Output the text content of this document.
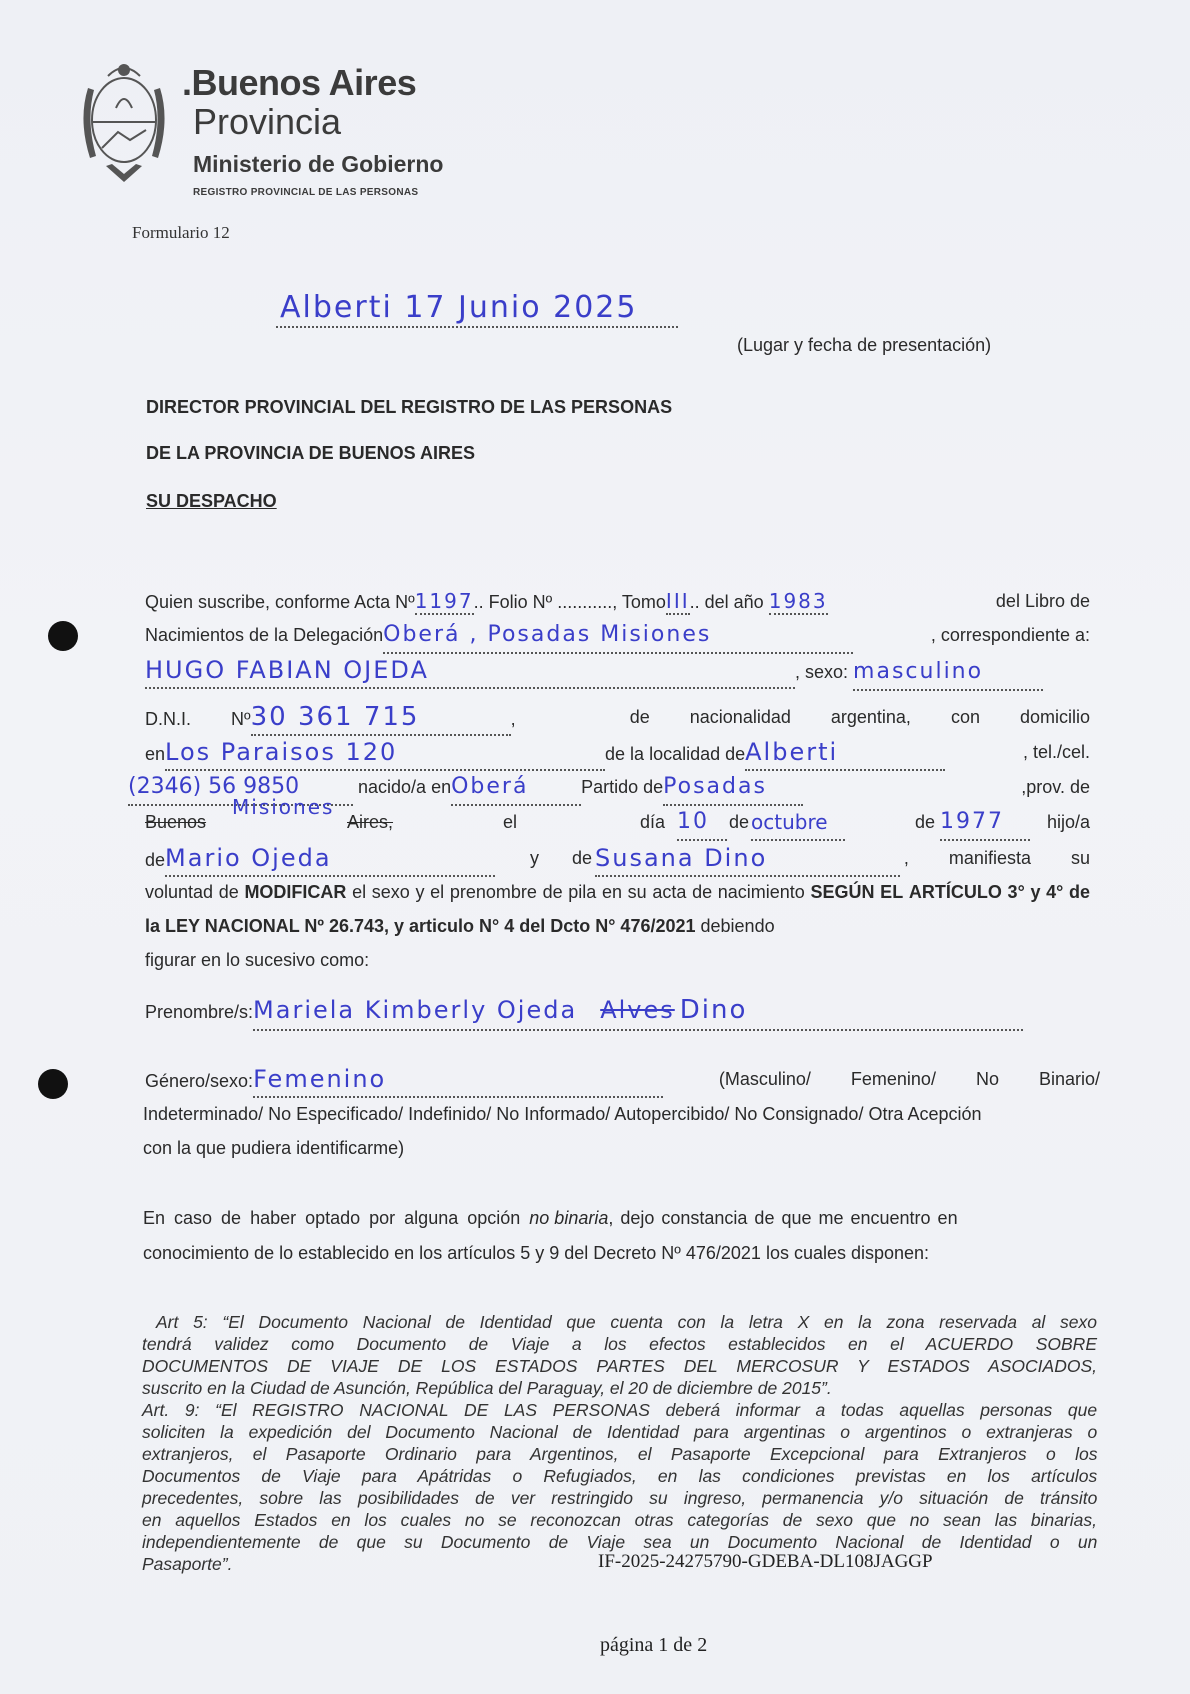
.Buenos Aires
Provincia
Ministerio de Gobierno
REGISTRO PROVINCIAL DE LAS PERSONAS
Formulario 12
Alberti 17 Junio 2025
(Lugar y fecha de presentación)
DIRECTOR PROVINCIAL DEL REGISTRO DE LAS PERSONAS
DE LA PROVINCIA DE BUENOS AIRES
SU DESPACHO
Quien suscribe, conforme Acta Nº1197.. Folio Nº ..........., TomoIII.. del año 1983	del Libro de
Nacimientos de la DelegaciónOberá , Posadas Misiones	, correspondiente a:
HUGO FABIAN OJEDA	, sexo: masculino
D.N.I.        Nº30 361 715	,	de        nacionalidad        argentina,        con        domicilio
enLos Paraisos 120	de la localidad deAlberti	, tel./cel.
(2346) 56 9850	nacido/a enOberá	Partido dePosadas	,prov. de
Misiones
Buenos	Aires,	el	día 10	de octubre	de 1977	hijo/a
deMario Ojeda	y de Susana Dino	,        manifiesta        su
voluntad de MODIFICAR el sexo y el prenombre de pila en su acta de nacimiento SEGÚN EL ARTÍCULO 3° y 4° de la LEY NACIONAL Nº 26.743, y articulo N° 4 del Dcto N° 476/2021 debiendo
figurar en lo sucesivo como:
Prenombre/s:Mariela Kimberly Ojeda Alves Dino
Género/sexo:Femenino	(Masculino/        Femenino/        No        Binario/
Indeterminado/ No Especificado/ Indefinido/ No Informado/ Autopercibido/ No Consignado/ Otra Acepción
con la que pudiera identificarme)
En caso de haber optado por alguna opción no binaria, dejo constancia de que me encuentro en
conocimiento de lo establecido en los artículos 5 y 9 del Decreto Nº 476/2021 los cuales disponen:
Art 5: “El Documento Nacional de Identidad que cuenta con la letra X en la zona reservada al sexo
tendrá validez como Documento de Viaje a los efectos establecidos en el ACUERDO SOBRE
DOCUMENTOS DE VIAJE DE LOS ESTADOS PARTES DEL MERCOSUR Y ESTADOS ASOCIADOS,
suscrito en la Ciudad de Asunción, República del Paraguay, el 20 de diciembre de 2015”.
Art. 9: “El REGISTRO NACIONAL DE LAS PERSONAS deberá informar a todas aquellas personas que
soliciten la expedición del Documento Nacional de Identidad para argentinas o argentinos o extranjeras o
extranjeros, el Pasaporte Ordinario para Argentinos, el Pasaporte Excepcional para Extranjeros o los
Documentos de Viaje para Apátridas o Refugiados, en las condiciones previstas en los artículos
precedentes, sobre las posibilidades de ver restringido su ingreso, permanencia y/o situación de tránsito
en aquellos Estados en los cuales no se reconozcan otras categorías de sexo que no sean las binarias,
independientemente de que su Documento de Viaje sea un Documento Nacional de Identidad o un
Pasaporte”.	IF-2025-24275790-GDEBA-DL108JAGGP
página 1 de 2
